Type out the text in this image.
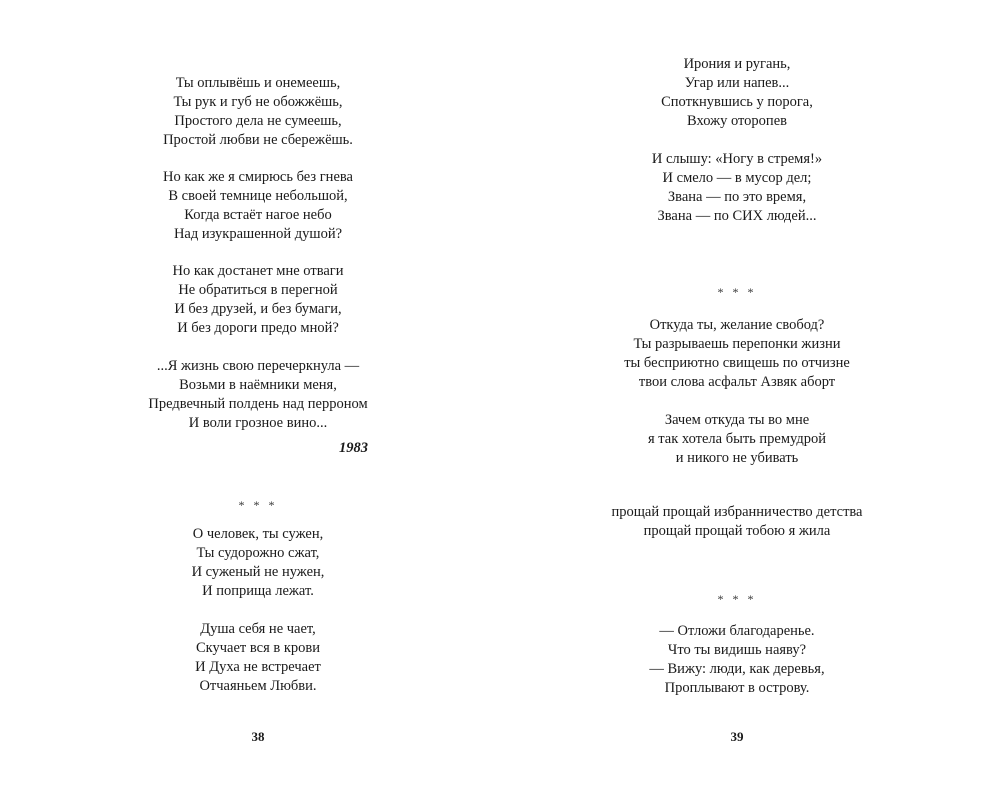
1983
* * *
38
Ты оплывёшь и онемеешь,
Ты рук и губ не обожжёшь,
Простого дела не сумеешь,
Простой любви не сбережёшь.
Но как же я смирюсь без гнева
В своей темнице небольшой,
Когда встаёт нагое небо
Над изукрашенной душой?
Но как достанет мне отваги
Не обратиться в перегной
И без друзей, и без бумаги,
И без дороги предо мной?
...Я жизнь свою перечеркнула —
Возьми в наёмники меня,
Предвечный полдень над перроном
И воли грозное вино...
О человек, ты сужен,
Ты судорожно сжат,
И суженый не нужен,
И поприща лежат.
Душа себя не чает,
Скучает вся в крови
И Духа не встречает
Отчаяньем Любви.
* * *
* * *
39
Ирония и ругань,
Угар или напев...
Споткнувшись у порога,
Вхожу оторопев
И слышу: «Ногу в стремя!»
И смело — в мусор дел;
Звана — по это время,
Звана — по СИХ людей...
Откуда ты, желание свобод?
Ты разрываешь перепонки жизни
ты бесприютно свищешь по отчизне
твои слова асфальт Азвяк аборт
Зачем откуда ты во мне
я так хотела быть премудрой
и никого не убивать
прощай прощай избранничество детства
прощай прощай тобою я жила
— Отложи благодаренье.
Что ты видишь наяву?
— Вижу: люди, как деревья,
Проплывают в острову.
